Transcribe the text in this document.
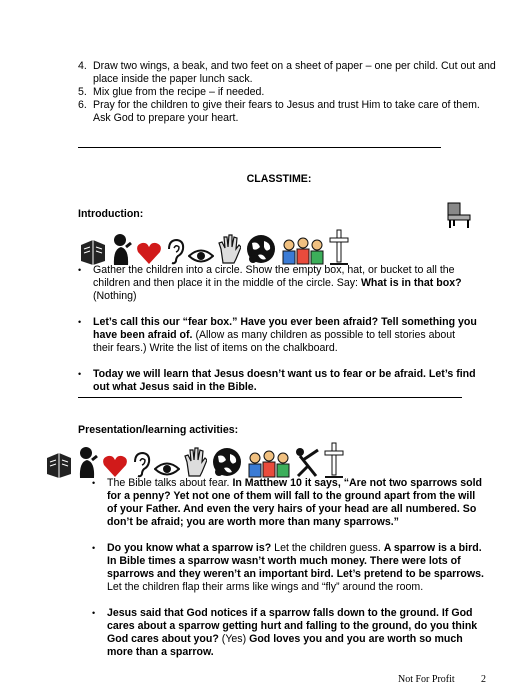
4. Draw two wings, a beak, and two feet on a sheet of paper – one per child. Cut out and place inside the paper lunch sack.
5. Mix glue from the recipe – if needed.
6. Pray for the children to give their fears to Jesus and trust Him to take care of them. Ask God to prepare your heart.
CLASSTIME:
Introduction:
• Gather the children into a circle. Show the empty box, hat, or bucket to all the children and then place it in the middle of the circle. Say: What is in that box? (Nothing)
• Let’s call this our “fear box.” Have you ever been afraid? Tell something you have been afraid of. (Allow as many children as possible to tell stories about their fears.) Write the list of items on the chalkboard.
• Today we will learn that Jesus doesn’t want us to fear or be afraid. Let’s find out what Jesus said in the Bible.
Presentation/learning activities:
• The Bible talks about fear. In Matthew 10 it says, “Are not two sparrows sold for a penny? Yet not one of them will fall to the ground apart from the will of your Father. And even the very hairs of your head are all numbered. So don’t be afraid; you are worth more than many sparrows.”
• Do you know what a sparrow is? Let the children guess. A sparrow is a bird. In Bible times a sparrow wasn’t worth much money. There were lots of sparrows and they weren’t an important bird. Let’s pretend to be sparrows. Let the children flap their arms like wings and “fly” around the room.
• Jesus said that God notices if a sparrow falls down to the ground. If God cares about a sparrow getting hurt and falling to the ground, do you think God cares about you? (Yes) God loves you and you are worth so much more than a sparrow.
Not For Profit	2
